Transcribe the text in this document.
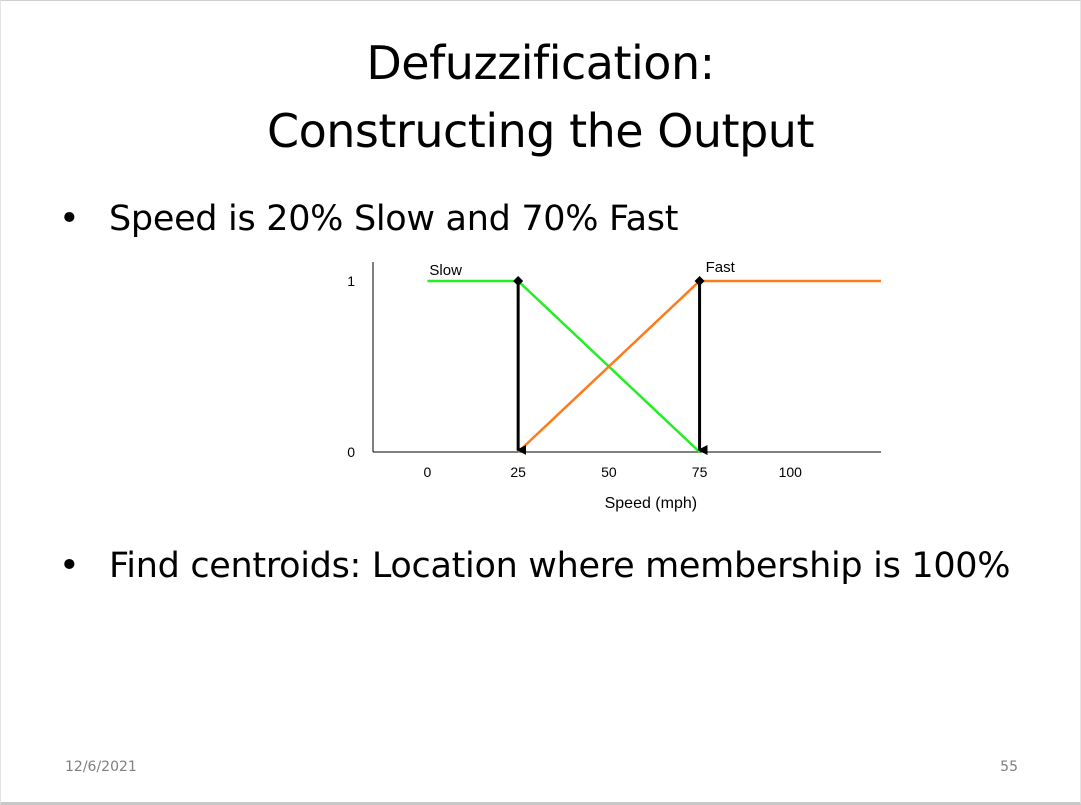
Defuzzification:
Constructing the Output
• Speed is 20% Slow and 70% Fast
0
1
0	25	50	75	100
Slow	Fast
Speed (mph)
• Find centroids: Location where membership is 100%
12/6/2021	55
